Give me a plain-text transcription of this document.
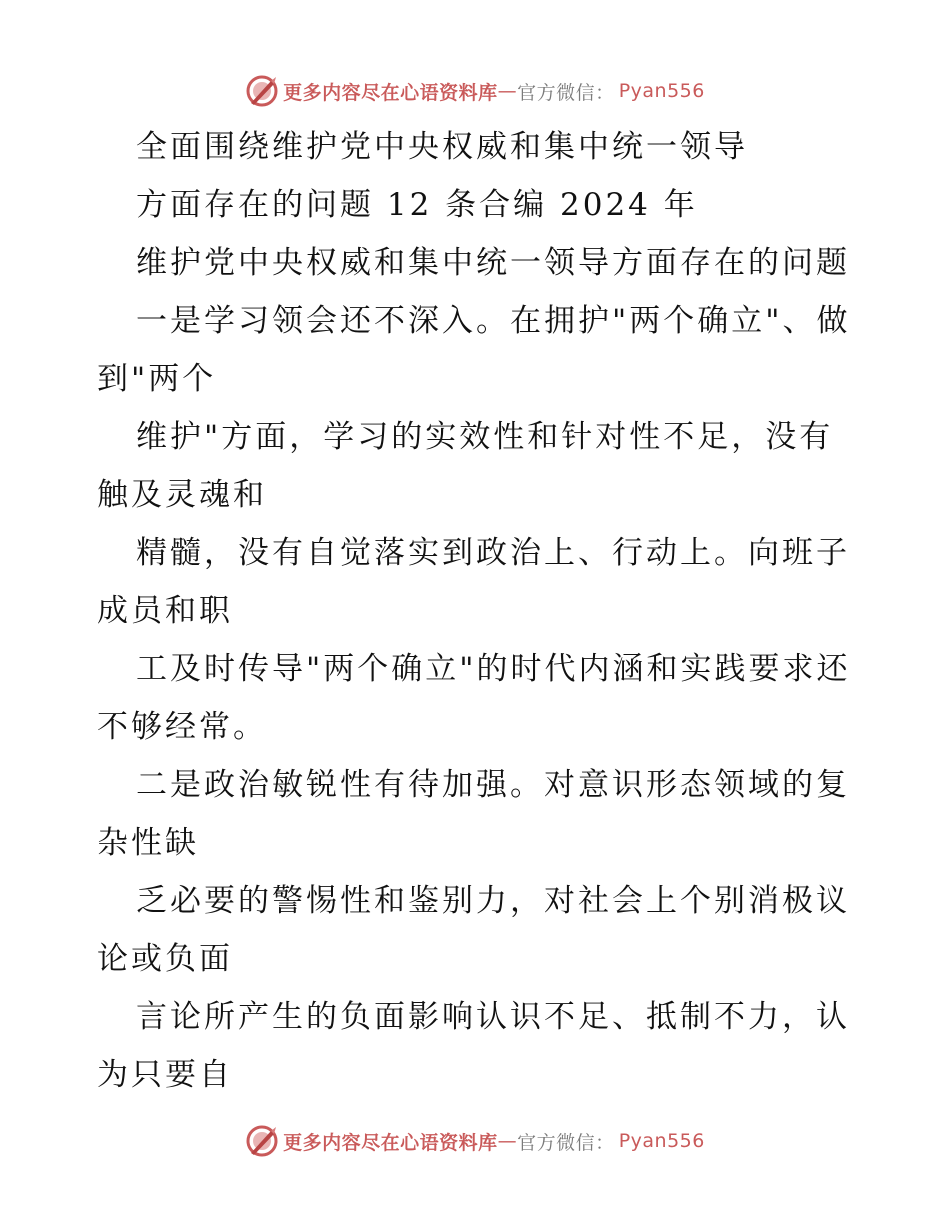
更多内容尽在心语资料库 — 官方微信： Pyan556
全面围绕维护党中央权威和集中统一领导
方面存在的问题 12 条合编 2024 年
维护党中央权威和集中统一领导方面存在的问题
一是学习领会还不深入。在拥护"两个确立"、做
到"两个
维护"方面，学习的实效性和针对性不足，没有
触及灵魂和
精髓，没有自觉落实到政治上、行动上。向班子
成员和职
工及时传导"两个确立"的时代内涵和实践要求还
不够经常。
二是政治敏锐性有待加强。对意识形态领域的复
杂性缺
乏必要的警惕性和鉴别力，对社会上个别消极议
论或负面
言论所产生的负面影响认识不足、抵制不力，认
为只要自
更多内容尽在心语资料库 — 官方微信： Pyan556
